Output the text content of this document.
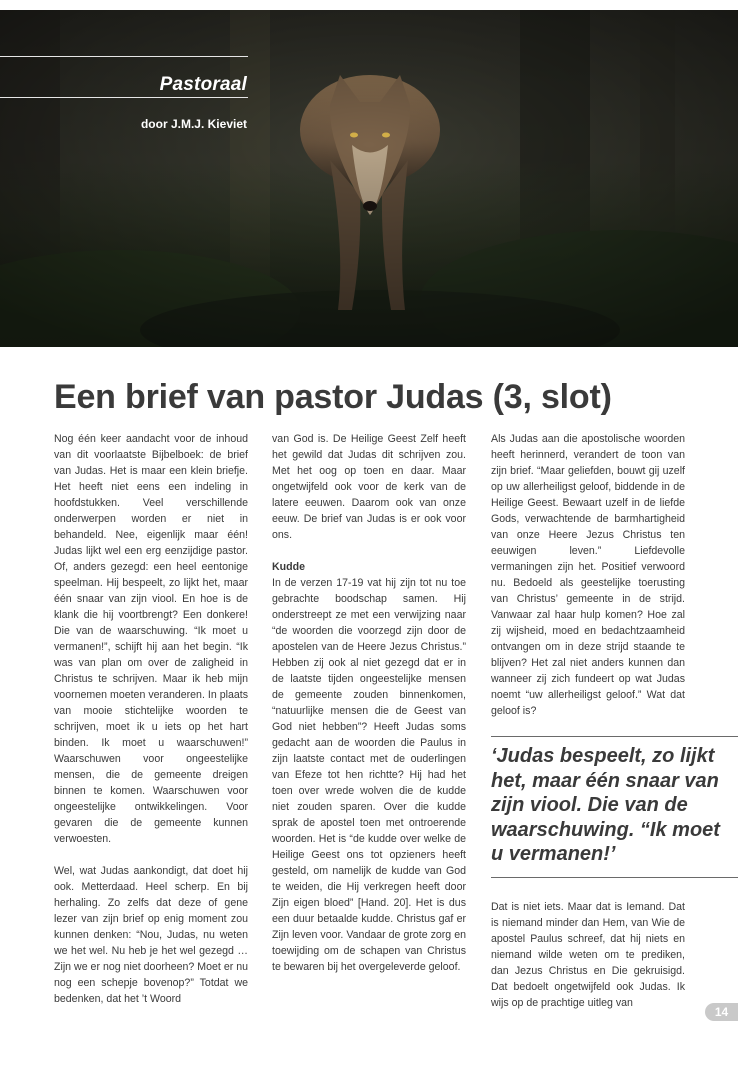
Pastoraal
door J.M.J. Kieviet
Een brief van pastor Judas (3, slot)

Nog één keer aandacht voor de inhoud van dit voorlaatste Bijbelboek: de brief van Judas. Het is maar een klein briefje. Het heeft niet eens een indeling in hoofdstukken. Veel verschillende onderwerpen worden er niet in behandeld. Nee, eigenlijk maar één! Judas lijkt wel een erg eenzijdige pastor. Of, anders gezegd: een heel eentonige speelman. Hij bespeelt, zo lijkt het, maar één snaar van zijn viool. En hoe is de klank die hij voortbrengt? Een donkere! Die van de waarschuwing. “Ik moet u vermanen!”, schijft hij aan het begin. “Ik was van plan om over de zaligheid in Christus te schrijven. Maar ik heb mijn voornemen moeten veranderen. In plaats van mooie stichtelijke woorden te schrijven, moet ik u iets op het hart binden. Ik moet u waarschuwen!” Waarschuwen voor ongeestelijke mensen, die de gemeente dreigen binnen te komen. Waarschuwen voor ongeestelijke ontwikkelingen. Voor gevaren die de gemeente kunnen verwoesten.

Wel, wat Judas aankondigt, dat doet hij ook. Metterdaad. Heel scherp. En bij herhaling. Zo zelfs dat deze of gene lezer van zijn brief op enig moment zou kunnen denken: “Nou, Judas, nu weten we het wel. Nu heb je het wel gezegd … Zijn we er nog niet doorheen? Moet er nu nog een schepje bovenop?” Totdat we bedenken, dat het ’t Woord

van God is. De Heilige Geest Zelf heeft het gewild dat Judas dit schrijven zou. Met het oog op toen en daar. Maar ongetwijfeld ook voor de kerk van de latere eeuwen. Daarom ook van onze eeuw. De brief van Judas is er ook voor ons.

Kudde

In de verzen 17-19 vat hij zijn tot nu toe gebrachte boodschap samen. Hij onderstreept ze met een verwijzing naar “de woorden die voorzegd zijn door de apostelen van de Heere Jezus Christus.” Hebben zij ook al niet gezegd dat er in de laatste tijden ongeestelijke mensen de gemeente zouden binnenkomen, “natuurlijke mensen die de Geest van God niet hebben”? Heeft Judas soms gedacht aan de woorden die Paulus in zijn laatste contact met de ouderlingen van Efeze tot hen richtte? Hij had het toen over wrede wolven die de kudde niet zouden sparen. Over die kudde sprak de apostel toen met ontroerende woorden. Het is “de kudde over welke de Heilige Geest ons tot opzieners heeft gesteld, om namelijk de kudde van God te weiden, die Hij verkregen heeft door Zijn eigen bloed” [Hand. 20]. Het is dus een duur betaalde kudde. Christus gaf er Zijn leven voor. Vandaar de grote zorg en toewijding om de schapen van Christus te bewaren bij het overgeleverde geloof.

Als Judas aan die apostolische woorden heeft herinnerd, verandert de toon van zijn brief. “Maar geliefden, bouwt gij uzelf op uw allerheiligst geloof, biddende in de Heilige Geest. Bewaart uzelf in de liefde Gods, verwachtende de barmhartigheid van onze Heere Jezus Christus ten eeuwigen leven.” Liefdevolle vermaningen zijn het. Positief verwoord nu. Bedoeld als geestelijke toerusting van Christus’ gemeente in de strijd. Vanwaar zal haar hulp komen? Hoe zal zij wijsheid, moed en bedachtzaamheid ontvangen om in deze strijd staande te blijven? Het zal niet anders kunnen dan wanneer zij zich fundeert op wat Judas noemt “uw allerheiligst geloof.” Wat dat geloof is?

‘Judas bespeelt, zo lijkt het, maar één snaar van zijn viool. Die van de waarschuwing. “Ik moet u vermanen!’

Dat is niet iets. Maar dat is Iemand. Dat is niemand minder dan Hem, van Wie de apostel Paulus schreef, dat hij niets en niemand wilde weten om te prediken, dan Jezus Christus en Die gekruisigd. Dat bedoelt ongetwijfeld ook Judas. Ik wijs op de prachtige uitleg van

14
